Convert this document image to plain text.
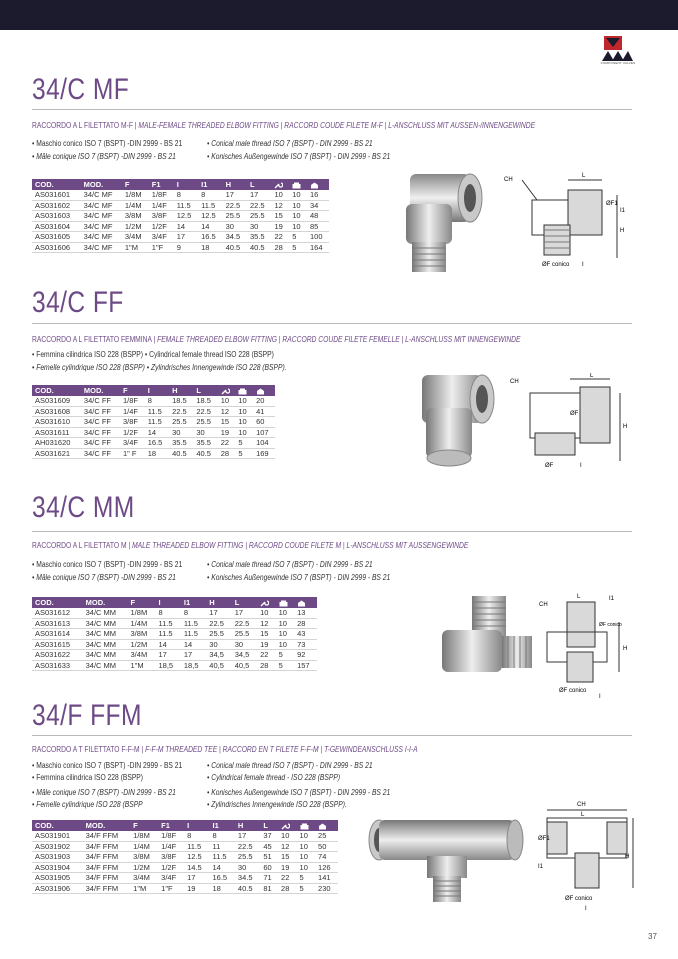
COMPONENT VALVES
34/C MF
RACCORDO A L FILETTATO M-F | MALE-FEMALE THREADED ELBOW FITTING | RACCORD COUDE FILETE M-F | L-ANSCHLUSS MIT AUSSEN-/INNENGEWINDE
• Maschio conico ISO 7 (BSPT) -DIN 2999 - BS 21
• Mâle conique ISO 7 (BSPT) -DIN 2999 - BS 21
• Conical male thread ISO 7 (BSPT) - DIN 2999 - BS 21
• Konisches Außengewinde ISO 7 (BSPT) - DIN 2999 - BS 21
COD.	MOD.	F	F1	I	I1	H	L			
AS031601	34/C MF	1/8M	1/8F	8	8	17	17	10	10	16
AS031602	34/C MF	1/4M	1/4F	11.5	11.5	22.5	22.5	12	10	34
AS031603	34/C MF	3/8M	3/8F	12.5	12.5	25.5	25.5	15	10	48
AS031604	34/C MF	1/2M	1/2F	14	14	30	30	19	10	85
AS031605	34/C MF	3/4M	3/4F	17	16.5	34.5	35.5	22	5	100
AS031606	34/C MF	1"M	1"F	9	18	40.5	40.5	28	5	164
CH
L
ØF1
I1
H
ØF conico I
34/C FF
RACCORDO A L FILETTATO FEMMINA | FEMALE THREADED ELBOW FITTING | RACCORD COUDE FILETE FEMELLE | L-ANSCHLUSS MIT INNENGEWINDE
• Femmina cilindrica ISO 228 (BSPP) • Cylindrical female thread ISO 228 (BSPP)
• Femelle cylindrique ISO 228 (BSPP) • Zylindrisches Innengewinde ISO 228 (BSPP).
COD.	MOD.	F	I	H	L			
AS031609	34/C FF	1/8F	8	18.5	18.5	10	10	20
AS031608	34/C FF	1/4F	11.5	22.5	22.5	12	10	41
AS031610	34/C FF	3/8F	11.5	25.5	25.5	15	10	60
AS031611	34/C FF	1/2F	14	30	30	19	10	107
AH031620	34/C FF	3/4F	16.5	35.5	35.5	22	5	104
AS031621	34/C FF	1" F	18	40.5	40.5	28	5	169
CH
L
ØF
H
ØF	I
34/C MM
RACCORDO A L FILETTATO M | MALE THREADED ELBOW FITTING | RACCORD COUDE FILETE M | L-ANSCHLUSS MIT AUSSENGEWINDE
• Maschio conico ISO 7 (BSPT) -DIN 2999 - BS 21
• Mâle conique ISO 7 (BSPT) -DIN 2999 - BS 21
• Conical male thread ISO 7 (BSPT) - DIN 2999 - BS 21
• Konisches Außengewinde ISO 7 (BSPT) - DIN 2999 - BS 21
COD.	MOD.	F	I	I1	H	L			
AS031612	34/C MM	1/8M	8	8	17	17	10	10	13
AS031613	34/C MM	1/4M	11.5	11.5	22.5	22.5	12	10	28
AS031614	34/C MM	3/8M	11.5	11.5	25.5	25.5	15	10	43
AS031615	34/C MM	1/2M	14	14	30	30	19	10	73
AS031622	34/C MM	3/4M	17	17	34,5	34,5	22	5	92
AS031633	34/C MM	1"M	18,5	18,5	40,5	40,5	28	5	157
CH
L	I1
ØF conico
H
ØF conico
I
34/F FFM
RACCORDO A T FILETTATO F-F-M | F-F-M THREADED TEE | RACCORD EN T FILETE F-F-M | T-GEWINDEANSCHLUSS I-I-A
• Maschio conico ISO 7 (BSPT) -DIN 2999 - BS 21
• Femmina cilindrica ISO 228 (BSPP)
• Mâle conique ISO 7 (BSPT) -DIN 2999 - BS 21
• Femelle cylindrique ISO 228 (BSPP
• Conical male thread ISO 7 (BSPT) - DIN 2999 - BS 21
• Cylindrical female thread - ISO 228 (BSPP)
• Konisches Außengewinde ISO 7 (BSPT) - DIN 2999 - BS 21
• Zylindrisches Innengewinde ISO 228 (BSPP).
COD.	MOD.	F	F1	I	I1	H	L			
AS031901	34/F FFM	1/8M	1/8F	8	8	17	37	10	10	25
AS031902	34/F FFM	1/4M	1/4F	11.5	11	22.5	45	12	10	50
AS031903	34/F FFM	3/8M	3/8F	12.5	11.5	25.5	51	15	10	74
AS031904	34/F FFM	1/2M	1/2F	14.5	14	30	60	19	10	126
AS031905	34/F FFM	3/4M	3/4F	17	16.5	34.5	71	22	5	141
AS031906	34/F FFM	1"M	1"F	19	18	40.5	81	28	5	230
CH
L
H
ØF1
I1
ØF conico
I
37
